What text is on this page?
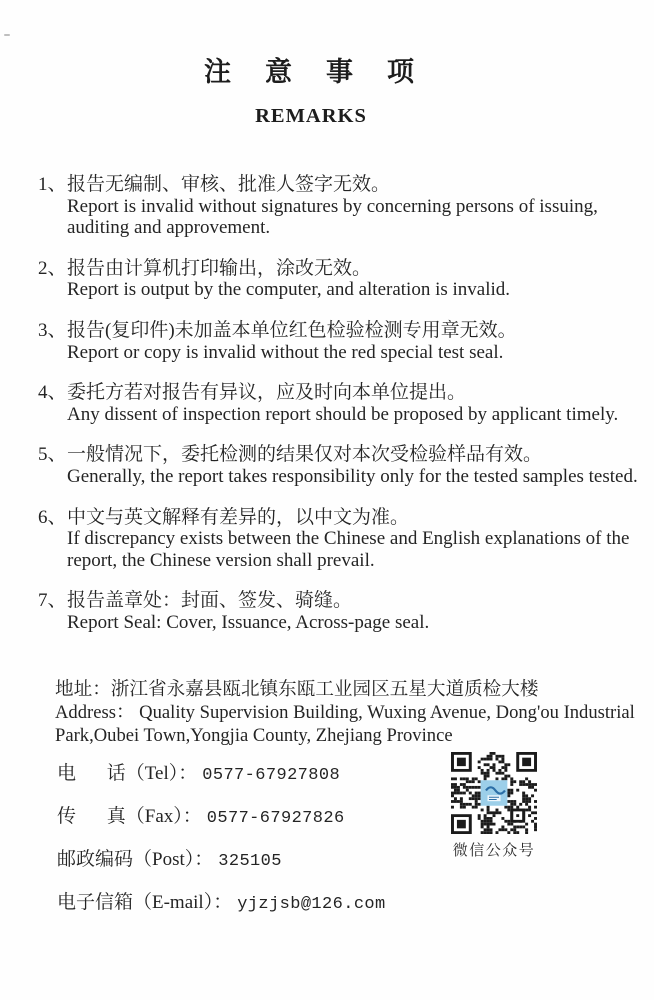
注意事项
REMARKS
1、 报告无编制、审核、批准人签字无效。
Report is invalid without signatures by concerning persons of issuing, auditing and approvement.
2、 报告由计算机打印输出，涂改无效。
Report is output by the computer, and alteration is invalid.
3、 报告(复印件)未加盖本单位红色检验检测专用章无效。
Report or copy is invalid without the red special test seal.
4、 委托方若对报告有异议，应及时向本单位提出。
Any dissent of inspection report should be proposed by applicant timely.
5、 一般情况下，委托检测的结果仅对本次受检验样品有效。
Generally, the report takes responsibility only for the tested samples tested.
6、 中文与英文解释有差异的，以中文为准。
If discrepancy exists between the Chinese and English explanations of the report, the Chinese version shall prevail.
7、 报告盖章处：封面、签发、骑缝。
Report Seal: Cover, Issuance, Across-page seal.
地址：浙江省永嘉县瓯北镇东瓯工业园区五星大道质检大楼
Address： Quality Supervision Building, Wuxing Avenue, Dong'ou Industrial Park,Oubei Town,Yongjia County, Zhejiang Province
电 话（Tel）： 0577-67927808
传 真（Fax）： 0577-67927826
邮政编码（Post）： 325105
电子信箱（E-mail）： yjzjsb@126.com
微信公众号
